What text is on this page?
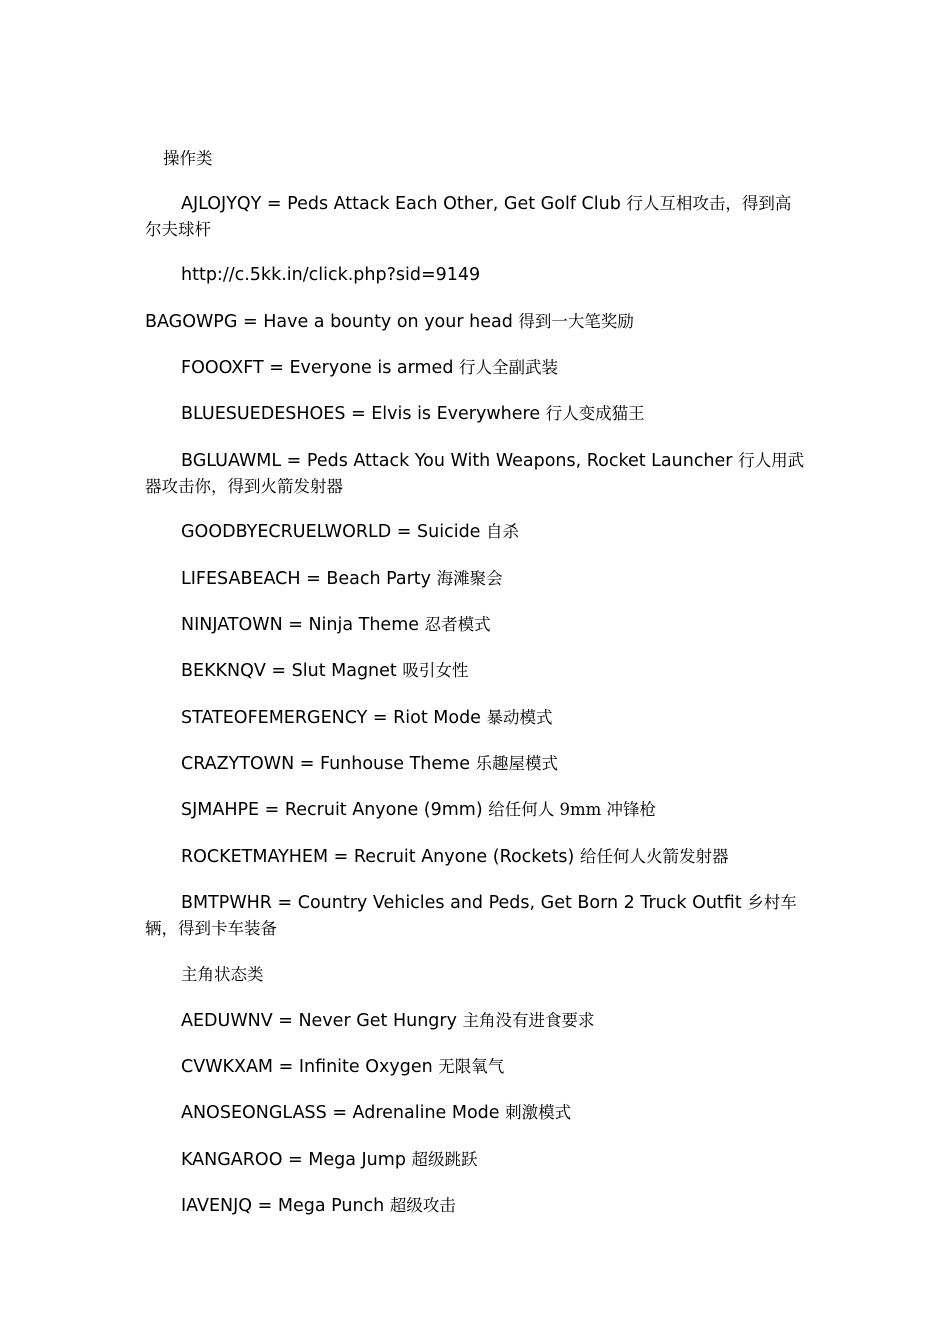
操作类
AJLOJYQY = Peds Attack Each Other, Get Golf Club 行人互相攻击，得到高尔夫球杆
http://c.5kk.in/click.php?sid=9149
BAGOWPG = Have a bounty on your head 得到一大笔奖励
FOOOXFT = Everyone is armed 行人全副武装
BLUESUEDESHOES = Elvis is Everywhere 行人变成猫王
BGLUAWML = Peds Attack You With Weapons, Rocket Launcher 行人用武器攻击你，得到火箭发射器
GOODBYECRUELWORLD = Suicide 自杀
LIFESABEACH = Beach Party 海滩聚会
NINJATOWN = Ninja Theme 忍者模式
BEKKNQV = Slut Magnet 吸引女性
STATEOFEMERGENCY = Riot Mode 暴动模式
CRAZYTOWN = Funhouse Theme 乐趣屋模式
SJMAHPE = Recruit Anyone (9mm) 给任何人 9mm 冲锋枪
ROCKETMAYHEM = Recruit Anyone (Rockets) 给任何人火箭发射器
BMTPWHR = Country Vehicles and Peds, Get Born 2 Truck Outfit 乡村车辆，得到卡车装备
主角状态类
AEDUWNV = Never Get Hungry 主角没有进食要求
CVWKXAM = Infinite Oxygen 无限氧气
ANOSEONGLASS = Adrenaline Mode 刺激模式
KANGAROO = Mega Jump 超级跳跃
IAVENJQ = Mega Punch 超级攻击
